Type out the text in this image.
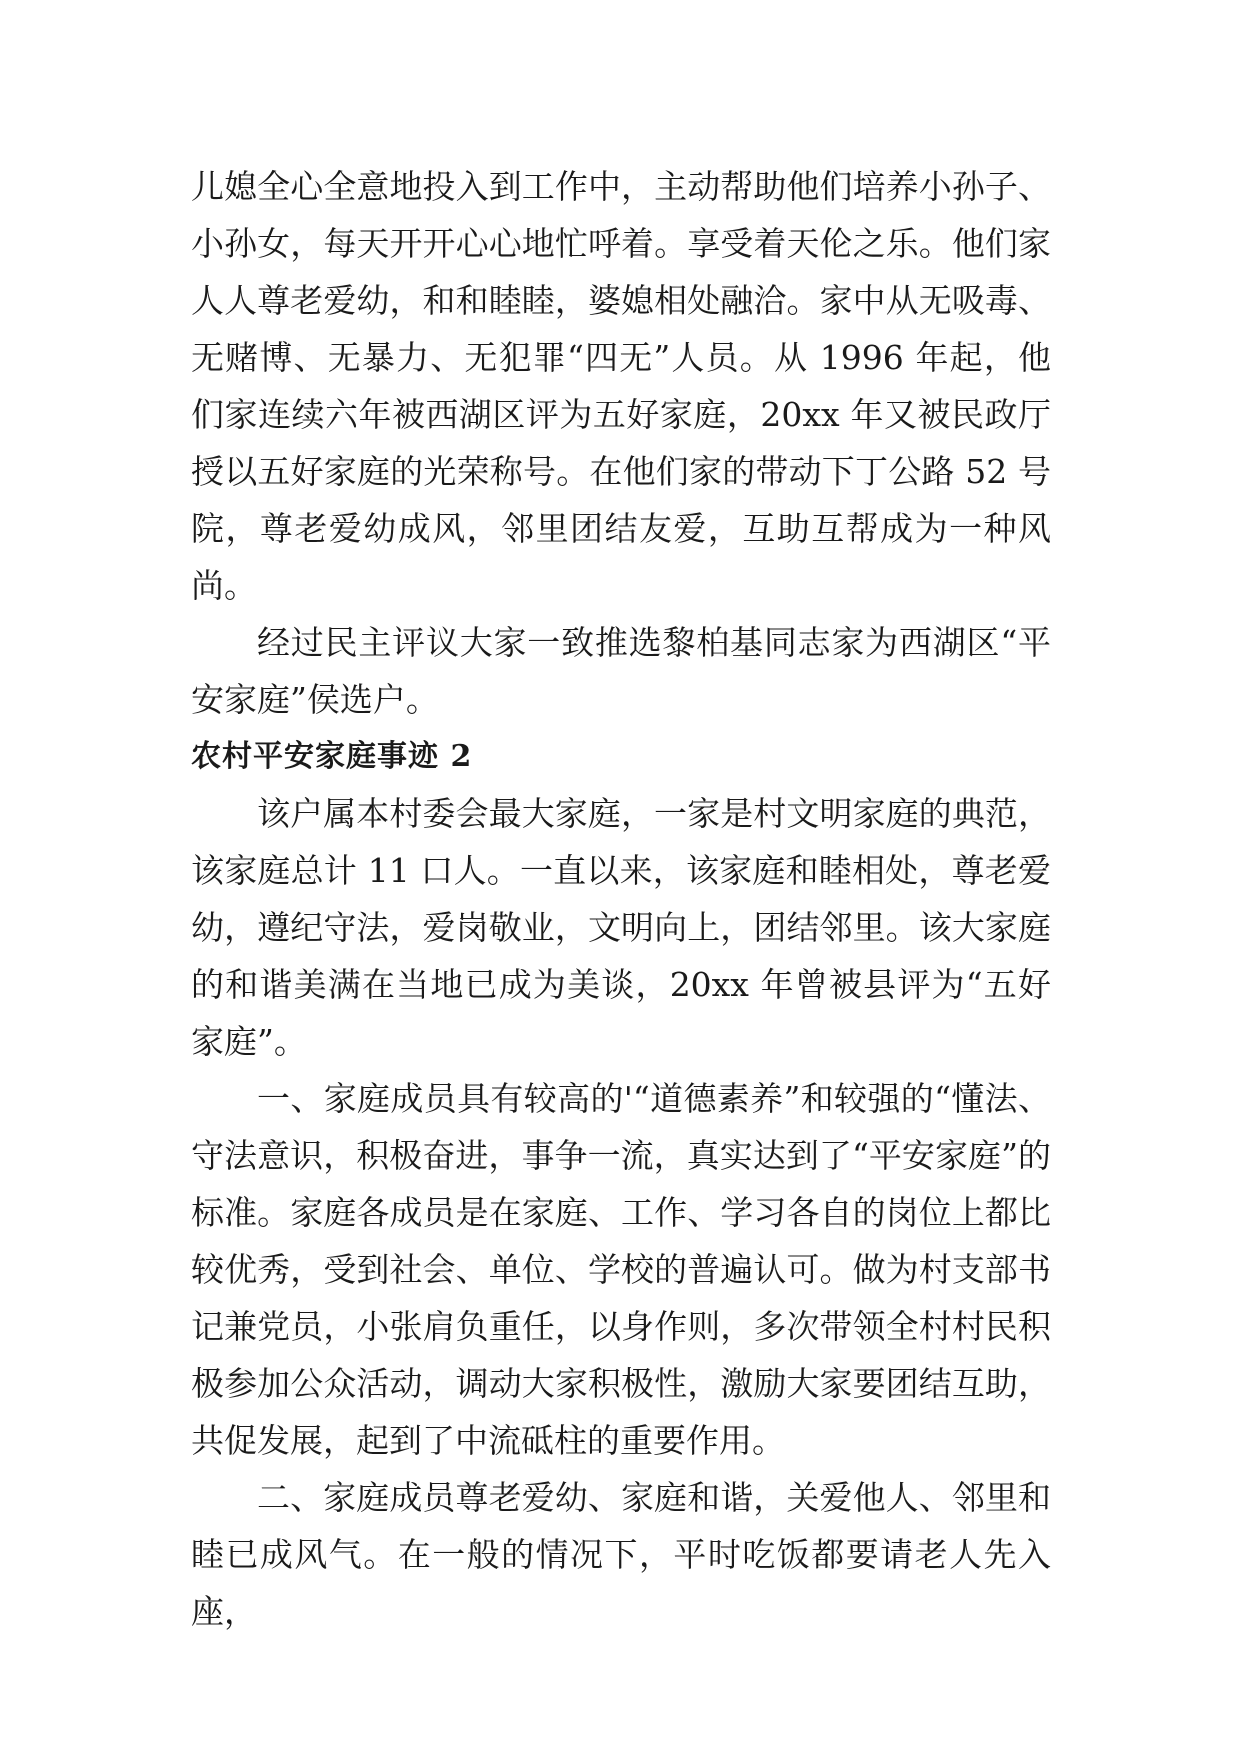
儿媳全心全意地投入到工作中，主动帮助他们培养小孙子、小孙女，每天开开心心地忙呼着。享受着天伦之乐。他们家人人尊老爱幼，和和睦睦，婆媳相处融洽。家中从无吸毒、无赌博、无暴力、无犯罪“四无”人员。从 1996 年起，他们家连续六年被西湖区评为五好家庭，20xx 年又被民政厅授以五好家庭的光荣称号。在他们家的带动下丁公路 52 号院，尊老爱幼成风，邻里团结友爱，互助互帮成为一种风尚。

经过民主评议大家一致推选黎柏基同志家为西湖区“平安家庭”侯选户。

农村平安家庭事迹 2

该户属本村委会最大家庭，一家是村文明家庭的典范，该家庭总计 11 口人。一直以来，该家庭和睦相处，尊老爱幼，遵纪守法，爱岗敬业，文明向上，团结邻里。该大家庭的和谐美满在当地已成为美谈，20xx 年曾被县评为“五好家庭”。

一、家庭成员具有较高的'“道德素养”和较强的“懂法、守法意识，积极奋进，事争一流，真实达到了“平安家庭”的标准。家庭各成员是在家庭、工作、学习各自的岗位上都比较优秀，受到社会、单位、学校的普遍认可。做为村支部书记兼党员，小张肩负重任，以身作则，多次带领全村村民积极参加公众活动，调动大家积极性，激励大家要团结互助，共促发展，起到了中流砥柱的重要作用。

二、家庭成员尊老爱幼、家庭和谐，关爱他人、邻里和睦已成风气。在一般的情况下，平时吃饭都要请老人先入座，
